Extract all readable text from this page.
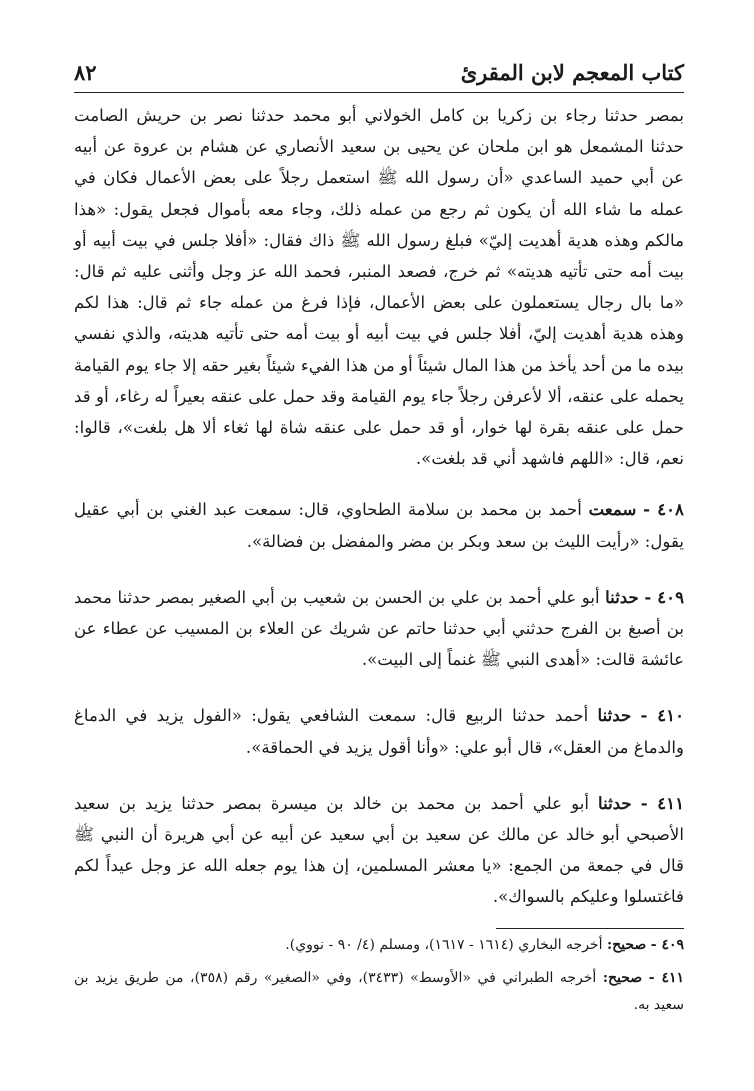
كتاب المعجم لابن المقرئ
٨٢

بمصر حدثنا رجاء بن زكريا بن كامل الخولاني أبو محمد حدثنا نصر بن حريش الصامت حدثنا المشمعل هو ابن ملحان عن يحيى بن سعيد الأنصاري عن هشام بن عروة عن أبيه عن أبي حميد الساعدي «أن رسول الله ﷺ استعمل رجلاً على بعض الأعمال فكان في عمله ما شاء الله أن يكون ثم رجع من عمله ذلك، وجاء معه بأموال فجعل يقول: «هذا مالكم وهذه هدية أهديت إليّ» فبلغ رسول الله ﷺ ذاك فقال: «أفلا جلس في بيت أبيه أو بيت أمه حتى تأتيه هديته» ثم خرج، فصعد المنبر، فحمد الله عز وجل وأثنى عليه ثم قال: «ما بال رجال يستعملون على بعض الأعمال، فإذا فرغ من عمله جاء ثم قال: هذا لكم وهذه هدية أهديت إليّ، أفلا جلس في بيت أبيه أو بيت أمه حتى تأتيه هديته، والذي نفسي بيده ما من أحد يأخذ من هذا المال شيئاً أو من هذا الفيء شيئاً بغير حقه إلا جاء يوم القيامة يحمله على عنقه، ألا لأعرفن رجلاً جاء يوم القيامة وقد حمل على عنقه بعيراً له رغاء، أو قد حمل على عنقه بقرة لها خوار، أو قد حمل على عنقه شاة لها ثغاء ألا هل بلغت»، قالوا: نعم، قال: «اللهم فاشهد أني قد بلغت».

٤٠٨ - سمعت أحمد بن محمد بن سلامة الطحاوي، قال: سمعت عبد الغني بن أبي عقيل يقول: «رأيت الليث بن سعد وبكر بن مضر والمفضل بن فضالة».

٤٠٩ - حدثنا أبو علي أحمد بن علي بن الحسن بن شعيب بن أبي الصغير بمصر حدثنا محمد بن أصبغ بن الفرج حدثني أبي حدثنا حاتم عن شريك عن العلاء بن المسيب عن عطاء عن عائشة قالت: «أهدى النبي ﷺ غنماً إلى البيت».

٤١٠ - حدثنا أحمد حدثنا الربيع قال: سمعت الشافعي يقول: «الفول يزيد في الدماغ والدماغ من العقل»، قال أبو علي: «وأنا أقول يزيد في الحماقة».

٤١١ - حدثنا أبو علي أحمد بن محمد بن خالد بن ميسرة بمصر حدثنا يزيد بن سعيد الأصبحي أبو خالد عن مالك عن سعيد بن أبي سعيد عن أبيه عن أبي هريرة أن النبي ﷺ قال في جمعة من الجمع: «يا معشر المسلمين، إن هذا يوم جعله الله عز وجل عيداً لكم فاغتسلوا وعليكم بالسواك».

٤٠٩ - صحيح: أخرجه البخاري (١٦١٤ - ١٦١٧)، ومسلم (٤/ ٩٠ - نووي).

٤١١ - صحيح: أخرجه الطبراني في «الأوسط» (٣٤٣٣)، وفي «الصغير» رقم (٣٥٨)، من طريق يزيد بن سعيد به.
